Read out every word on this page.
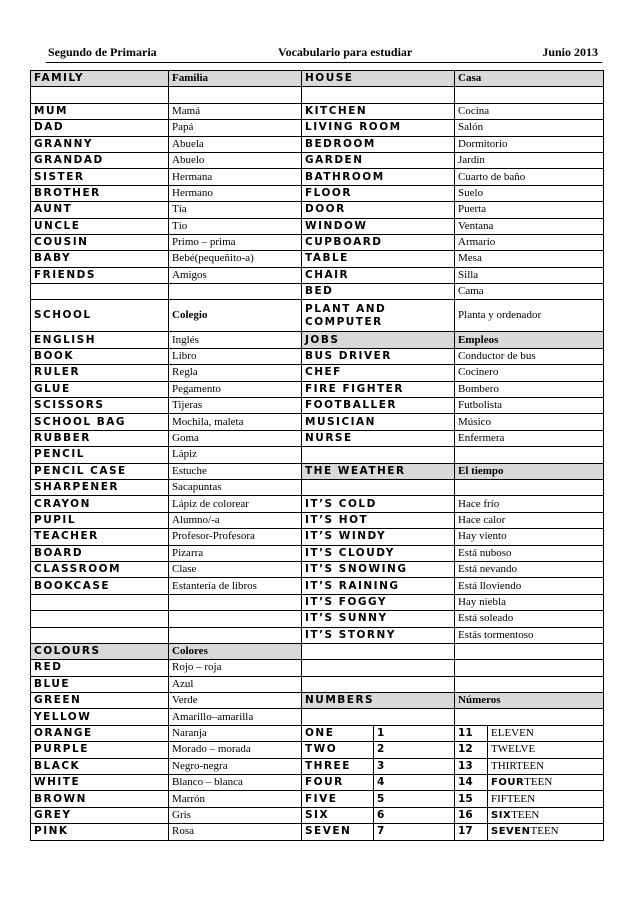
Segundo de Primaria	Vocabulario para estudiar	Junio 2013
FAMILY	Familia	HOUSE		Casa	

MUM	Mamá	KITCHEN		Cocina	
DAD	Papá	LIVING ROOM		Salón	
GRANNY	Abuela	BEDROOM		Dormitorio	
GRANDAD	Abuelo	GARDEN		Jardín	
SISTER	Hermana	BATHROOM		Cuarto de baño	
BROTHER	Hermano	FLOOR		Suelo	
AUNT	Tía	DOOR		Puerta	
UNCLE	Tío	WINDOW		Ventana	
COUSIN	Primo – prima	CUPBOARD		Armario	
BABY	Bebé(pequeñito-a)	TABLE		Mesa	
FRIENDS	Amigos	CHAIR		Silla	
		BED		Cama	
SCHOOL	Colegio	PLANT AND COMPUTER		Planta y ordenador	
ENGLISH	Inglés	JOBS		Empleos	
BOOK	Libro	BUS DRIVER		Conductor de bus	
RULER	Regla	CHEF		Cocinero	
GLUE	Pegamento	FIRE FIGHTER		Bombero	
SCISSORS	Tijeras	FOOTBALLER		Futbolista	
SCHOOL BAG	Mochila, maleta	MUSICIAN		Músico	
RUBBER	Goma	NURSE		Enfermera	
PENCIL	Lápiz				
PENCIL CASE	Estuche	THE WEATHER		El tiempo	
SHARPENER	Sacapuntas				
CRAYON	Lápiz de colorear	IT’S COLD		Hace frío	
PUPIL	Alumno/-a	IT’S HOT		Hace calor	
TEACHER	Profesor-Profesora	IT’S WINDY		Hay viento	
BOARD	Pizarra	IT’S CLOUDY		Está nuboso	
CLASSROOM	Clase	IT’S SNOWING		Está nevando	
BOOKCASE	Estantería de libros	IT’S RAINING		Está lloviendo	
		IT’S FOGGY		Hay niebla	
		IT’S SUNNY		Está soleado	
		IT’S STORNY		Estás tormentoso	
COLOURS	Colores				
RED	Rojo – roja				
BLUE	Azul				
GREEN	Verde	NUMBERS		Números	
YELLOW	Amarillo–amarilla				
ORANGE	Naranja	ONE	1	11	ELEVEN
PURPLE	Morado – morada	TWO	2	12	TWELVE
BLACK	Negro-negra	THREE	3	13	THIRTEEN
WHITE	Blanco – blanca	FOUR	4	14	FOURTEEN
BROWN	Marrón	FIVE	5	15	FIFTEEN
GREY	Gris	SIX	6	16	SIXTEEN
PINK	Rosa	SEVEN	7	17	SEVENTEEN
